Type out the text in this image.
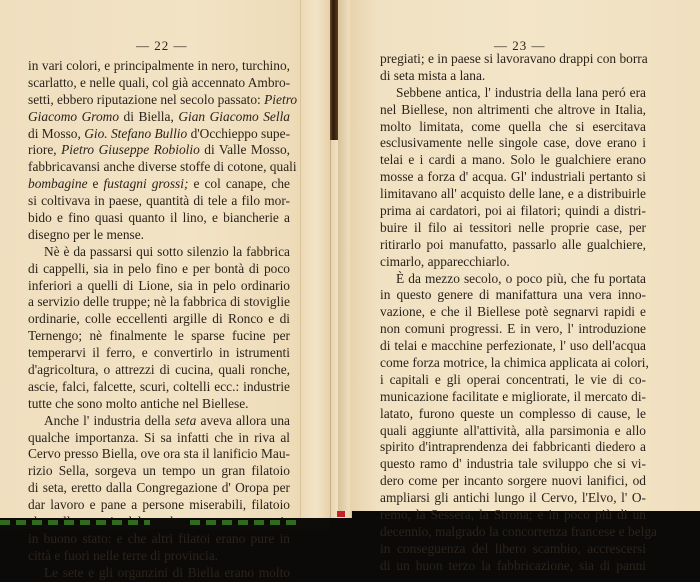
— 22 —
in vari colori, e principalmente in nero, turchino,
scarlatto, e nelle quali, col già accennato Ambro-
setti, ebbero riputazione nel secolo passato: Pietro
Giacomo Gromo di Biella, Gian Giacomo Sella
di Mosso, Gio. Stefano Bullio d'Occhieppo supe-
riore, Pietro Giuseppe Robiolio di Valle Mosso,
fabbricavansi anche diverse stoffe di cotone, quali
bombagine e fustagni grossi; e col canape, che
si coltivava in paese, quantità di tele a filo mor-
bido e fino quasi quanto il lino, e biancherie a
disegno per le mense.
Nè è da passarsi qui sotto silenzio la fabbrica
di cappelli, sia in pelo fino e per bontà di poco
inferiori a quelli di Lione, sia in pelo ordinario
a servizio delle truppe; nè la fabbrica di stoviglie
ordinarie, colle eccellenti argille di Ronco e di
Ternengo; nè finalmente le sparse fucine per
temperarvi il ferro, e convertirlo in istrumenti
d'agricoltura, o attrezzi di cucina, quali ronche,
ascie, falci, falcette, scuri, coltelli ecc.: industrie
tutte che sono molto antiche nel Biellese.
Anche l' industria della seta aveva allora una
qualche importanza. Si sa infatti che in riva al
Cervo presso Biella, ove ora sta il lanificio Mau-
rizio Sella, sorgeva un tempo un gran filatoio
di seta, eretto dalla Congregazione d' Oropa per
dar lavoro e pane a persone miserabili, filatoio
in buono stato: e che altri filatoi erano pure in
città e fuori nelle terre di provincia.
Le sete e gli organzini di Biella erano molto
— 23 —
pregiati; e in paese si lavoravano drappi con borra
di seta mista a lana.
Sebbene antica, l' industria della lana peró era
nel Biellese, non altrimenti che altrove in Italia,
molto limitata, come quella che si esercitava
esclusivamente nelle singole case, dove erano i
telai e i cardi a mano. Solo le gualchiere erano
mosse a forza d' acqua. Gl' industriali pertanto si
limitavano all' acquisto delle lane, e a distribuirle
prima ai cardatori, poi ai filatori; quindi a distri-
buire il filo ai tessitori nelle proprie case, per
ritirarlo poi manufatto, passarlo alle gualchiere,
cimarlo, apparecchiarlo.
È da mezzo secolo, o poco più, che fu portata
in questo genere di manifattura una vera inno-
vazione, e che il Biellese potè segnarvi rapidi e
non comuni progressi. E in vero, l' introduzione
di telai e macchine perfezionate, l' uso dell'acqua
come forza motrice, la chimica applicata ai colori,
i capitali e gli operai concentrati, le vie di co-
municazione facilitate e migliorate, il mercato di-
latato, furono queste un complesso di cause, le
quali aggiunte all'attività, alla parsimonia e allo
spirito d'intraprendenza dei fabbricanti diedero a
questo ramo d' industria tale sviluppo che si vi-
dero come per incanto sorgere nuovi lanifici, od
ampliarsi gli antichi lungo il Cervo, l'Elvo, l' O-
remo, la Sessera, la Strona; e in poco più di un
decennio, malgrado la concorrenza francese e belga
in conseguenza del libero scambio, accrescersi
di un buon terzo la fabbricazione, sia di panni
